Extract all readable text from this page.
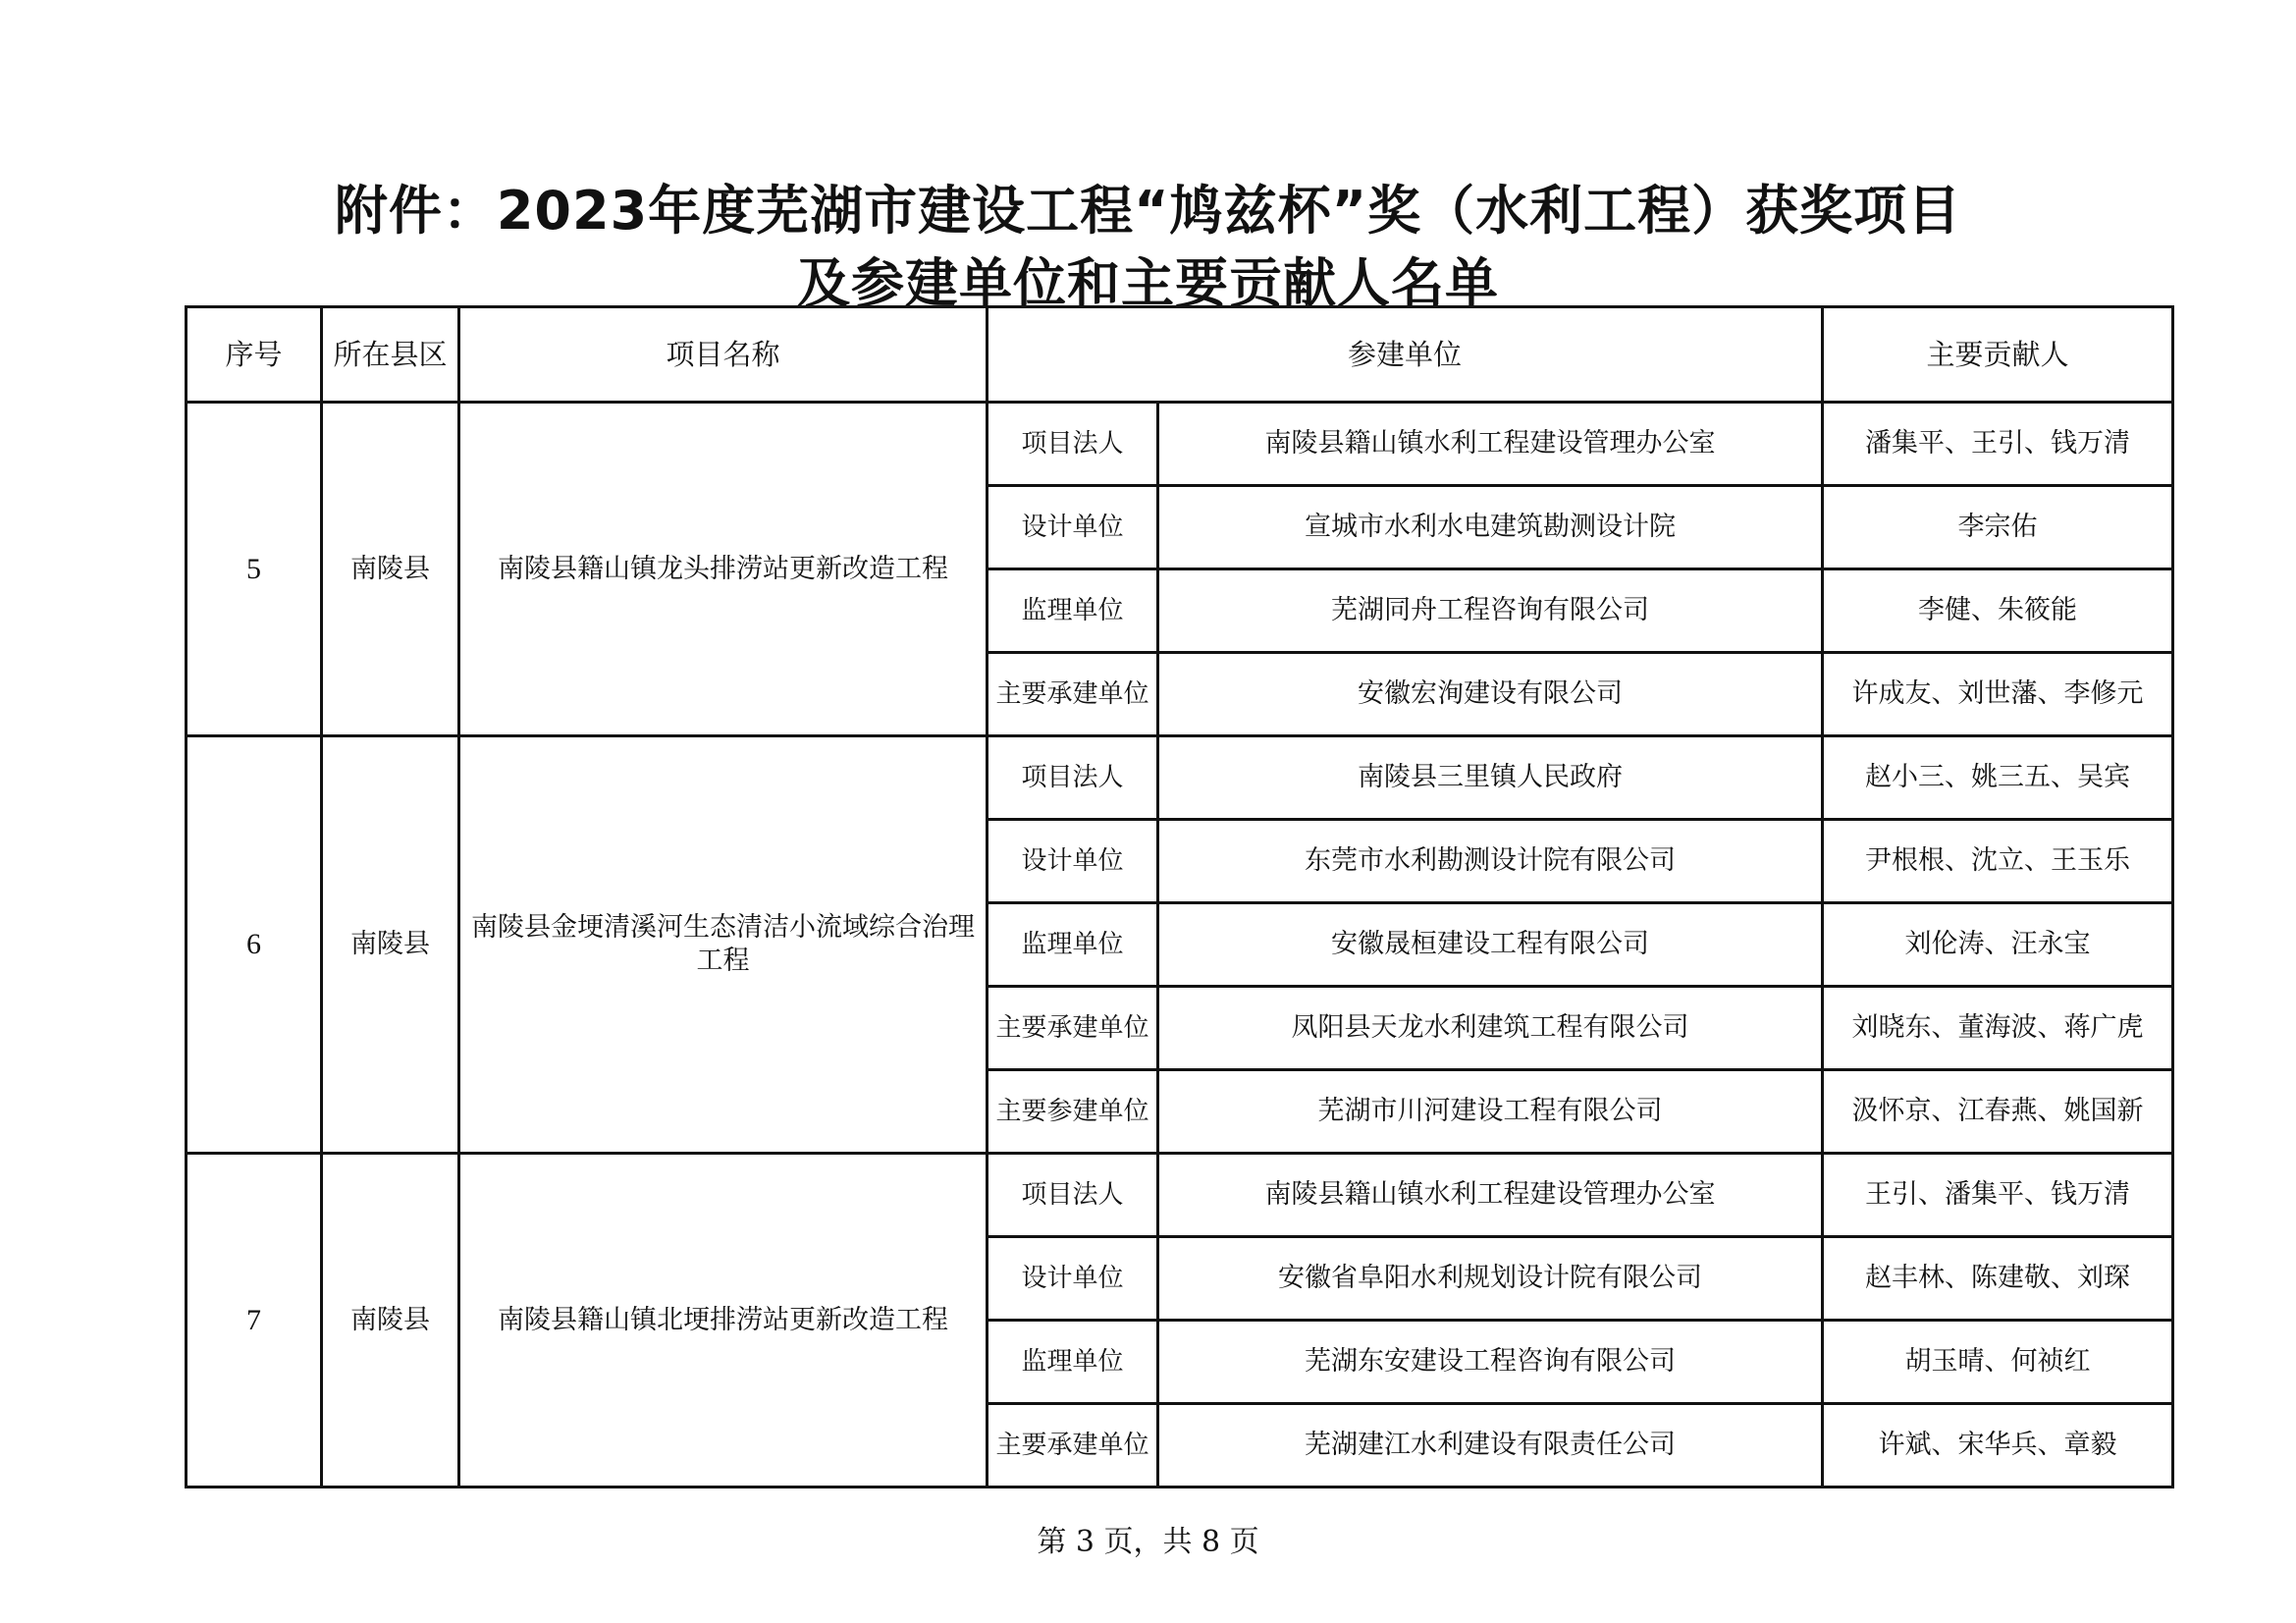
附件：2023年度芜湖市建设工程“鸠兹杯”奖（水利工程）获奖项目
及参建单位和主要贡献人名单
序号	所在县区	项目名称	参建单位		主要贡献人
5	南陵县	南陵县籍山镇龙头排涝站更新改造工程	项目法人	南陵县籍山镇水利工程建设管理办公室	潘集平、王引、钱万清
			设计单位	宣城市水利水电建筑勘测设计院	李宗佑
			监理单位	芜湖同舟工程咨询有限公司	李健、朱筱能
			主要承建单位	安徽宏洵建设有限公司	许成友、刘世藩、李修元
6	南陵县	南陵县金埂清溪河生态清洁小流域综合治理工程	项目法人	南陵县三里镇人民政府	赵小三、姚三五、吴宾
			设计单位	东莞市水利勘测设计院有限公司	尹根根、沈立、王玉乐
			监理单位	安徽晟桓建设工程有限公司	刘伦涛、汪永宝
			主要承建单位	凤阳县天龙水利建筑工程有限公司	刘晓东、董海波、蒋广虎
			主要参建单位	芜湖市川河建设工程有限公司	汲怀京、江春燕、姚国新
7	南陵县	南陵县籍山镇北埂排涝站更新改造工程	项目法人	南陵县籍山镇水利工程建设管理办公室	王引、潘集平、钱万清
			设计单位	安徽省阜阳水利规划设计院有限公司	赵丰林、陈建敬、刘琛
			监理单位	芜湖东安建设工程咨询有限公司	胡玉晴、何祯红
			主要承建单位	芜湖建江水利建设有限责任公司	许斌、宋华兵、章毅
第 3 页，共 8 页
